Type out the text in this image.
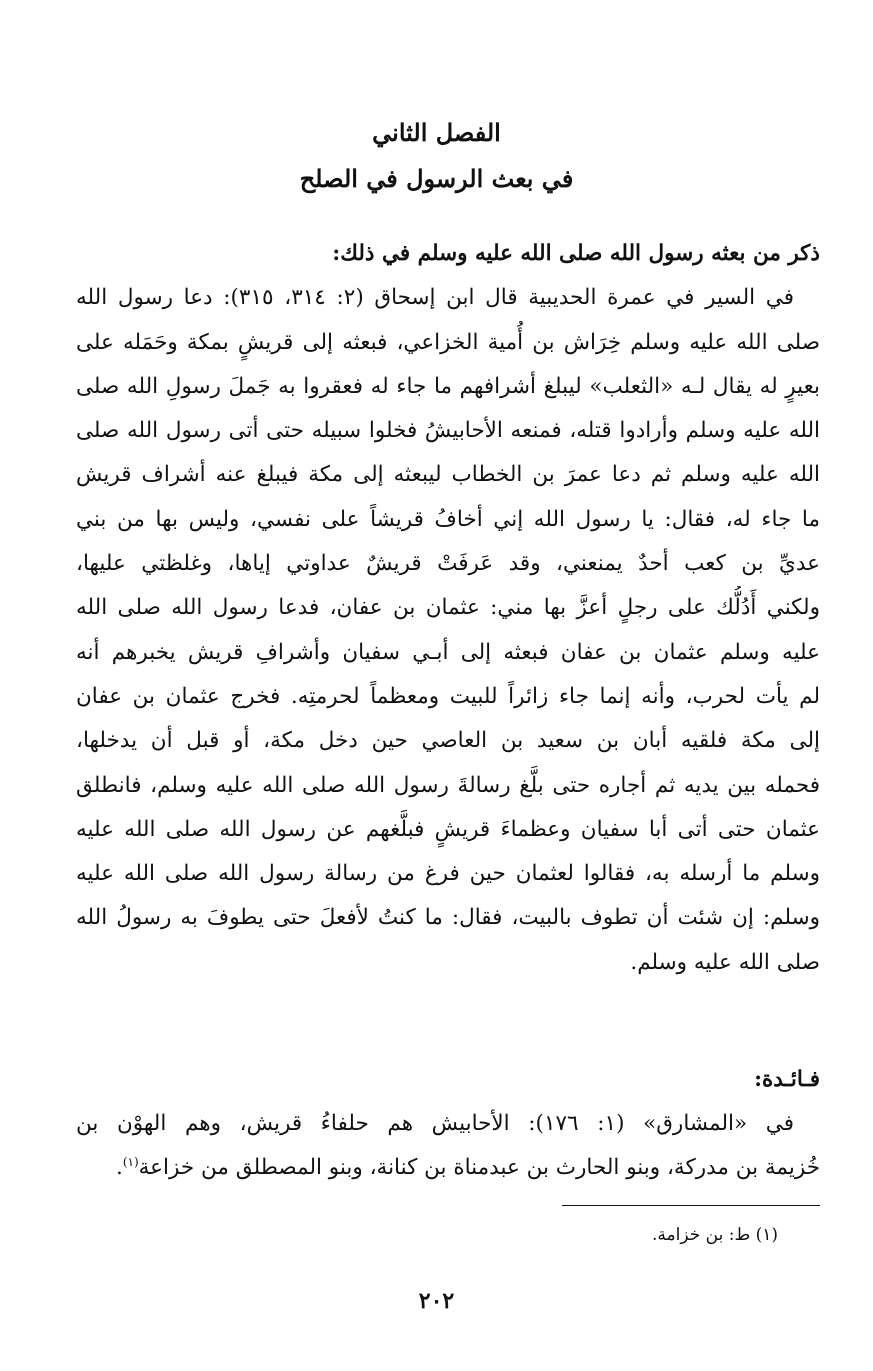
الفصل الثاني
في بعث الرسول في الصلح
ذكر من بعثه رسول الله صلى الله عليه وسلم في ذلك:
في السير في عمرة الحديبية قال ابن إسحاق (٢: ٣١٤، ٣١٥): دعا رسول الله
صلى الله عليه وسلم خِرَاش بن أُمية الخزاعي، فبعثه إلى قريشٍ بمكة وحَمَله على
بعيرٍ له يقال لـه «الثعلب» ليبلغ أشرافهم ما جاء له فعقروا به جَملَ رسولِ الله صلى
الله عليه وسلم وأرادوا قتله، فمنعه الأحابيشُ فخلوا سبيله حتى أتى رسول الله صلى
الله عليه وسلم ثم دعا عمرَ بن الخطاب ليبعثه إلى مكة فيبلغ عنه أشراف قريش
ما جاء له، فقال: يا رسول الله إني أخافُ قريشاً على نفسي، وليس بها من بني
عديِّ بن كعب أحدٌ يمنعني، وقد عَرفَتْ قريشٌ عداوتي إياها، وغلظتي عليها،
ولكني أَدُلُّك على رجلٍ أعزَّ بها مني: عثمان بن عفان، فدعا رسول الله صلى الله
عليه وسلم عثمان بن عفان فبعثه إلى أبـي سفيان وأشرافِ قريش يخبرهم أنه
لم يأت لحرب، وأنه إنما جاء زائراً للبيت ومعظماً لحرمتِه. فخرج عثمان بن عفان
إلى مكة فلقيه أبان بن سعيد بن العاصي حين دخل مكة، أو قبل أن يدخلها،
فحمله بين يديه ثم أجاره حتى بلَّغ رسالةَ رسول الله صلى الله عليه وسلم، فانطلق
عثمان حتى أتى أبا سفيان وعظماءَ قريشٍ فبلَّغهم عن رسول الله صلى الله عليه
وسلم ما أرسله به، فقالوا لعثمان حين فرغ من رسالة رسول الله صلى الله عليه
وسلم: إن شئت أن تطوف بالبيت، فقال: ما كنتُ لأفعلَ حتى يطوفَ به رسولُ الله
صلى الله عليه وسلم.
فـائـدة:
في «المشارق» (١: ١٧٦): الأحابيش هم حلفاءُ قريش، وهم الهوْن بن
خُزيمة بن مدركة، وبنو الحارث بن عبدمناة بن كنانة، وبنو المصطلق من خزاعة$^{(١)}$.
(١) ط: بن خزامة.
٢٠٢
